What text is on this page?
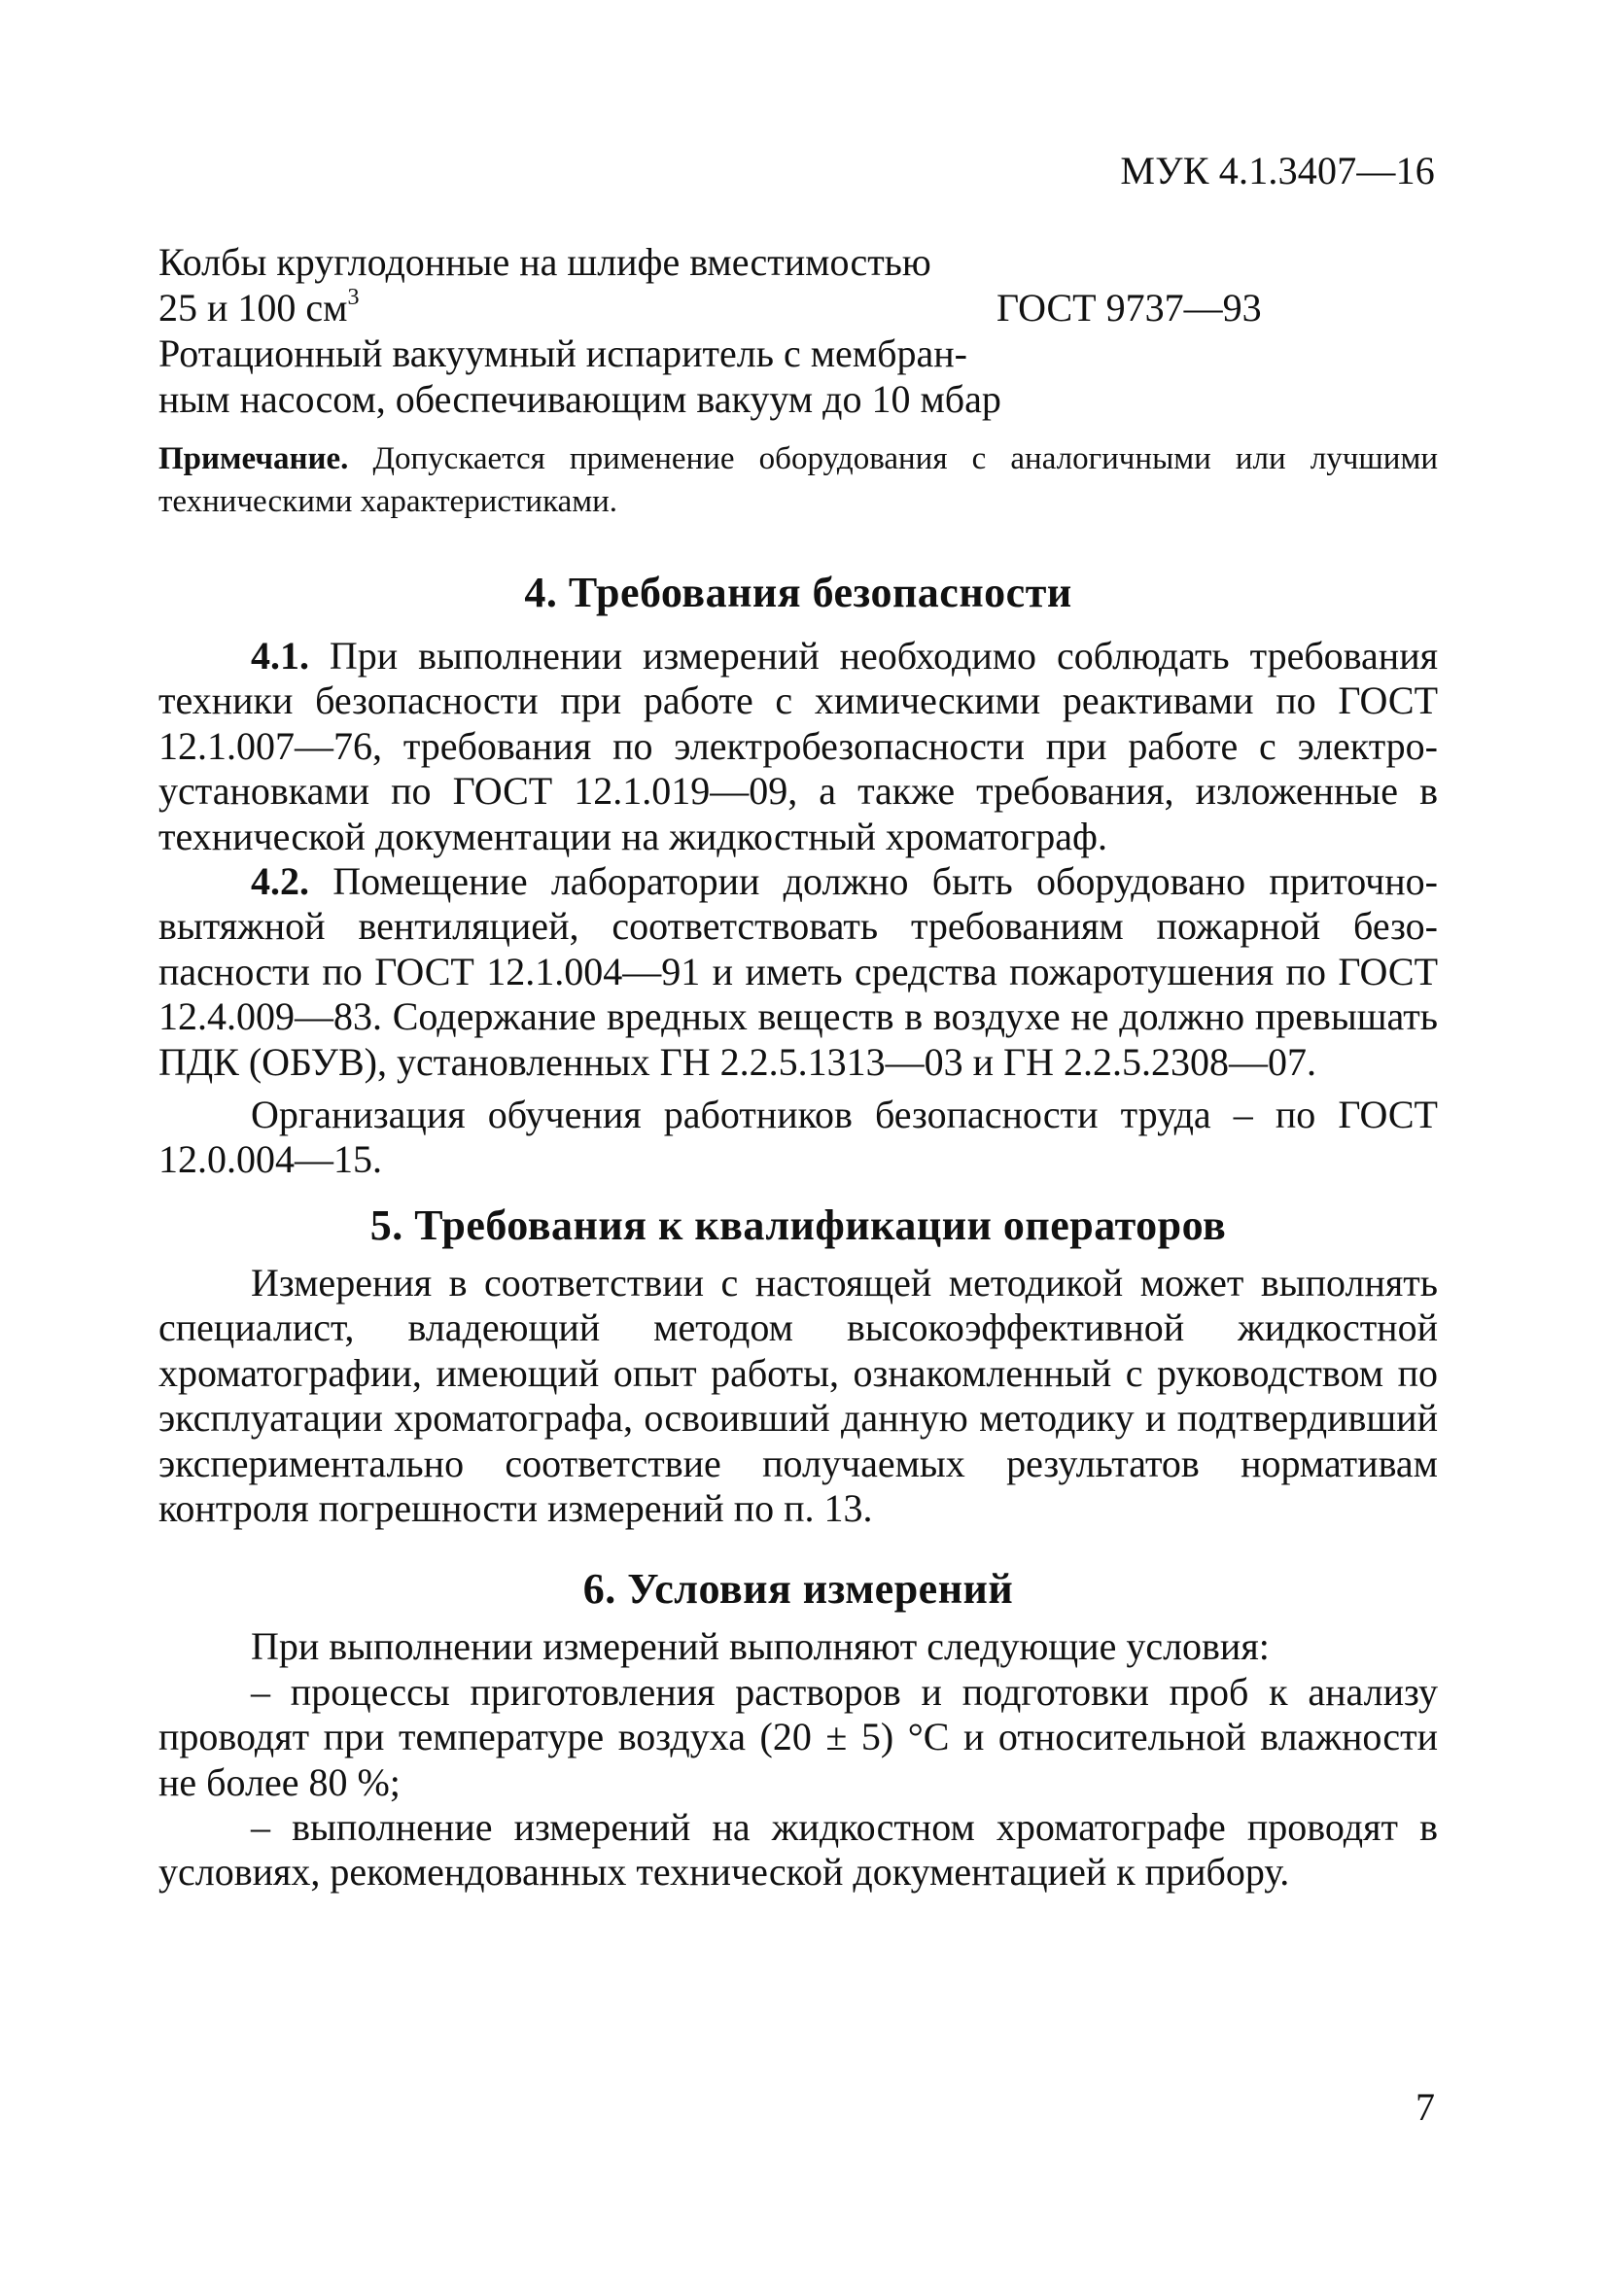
МУК 4.1.3407—16
Колбы круглодонные на шлифе вместимостью
25 и 100 $см^3$	ГОСТ 9737—93
Ротационный вакуумный испаритель с мембран-
ным насосом, обеспечивающим вакуум до 10 мбар
Примечание. Допускается применение оборудования с аналогичными или лучшими техническими характеристиками.
4. Требования безопасности

4.1. При выполнении измерений необходимо соблюдать требования техники безопасности при работе с химическими реактивами по ГОСТ 12.1.007—76, требования по электробезопасности при работе с электроустановками по ГОСТ 12.1.019—09, а также требования, изложенные в технической документации на жидкостный хроматограф.

4.2. Помещение лаборатории должно быть оборудовано приточно-вытяжной вентиляцией, соответствовать требованиям пожарной безопасности по ГОСТ 12.1.004—91 и иметь средства пожаротушения по ГОСТ 12.4.009—83. Содержание вредных веществ в воздухе не должно превышать ПДК (ОБУВ), установленных ГН 2.2.5.1313—03 и ГН 2.2.5.2308—07.

Организация обучения работников безопасности труда – по ГОСТ 12.0.004—15.

5. Требования к квалификации операторов

Измерения в соответствии с настоящей методикой может выполнять специалист, владеющий методом высокоэффективной жидкостной хроматографии, имеющий опыт работы, ознакомленный с руководством по эксплуатации хроматографа, освоивший данную методику и подтвердивший экспериментально соответствие получаемых результатов нормативам контроля погрешности измерений по п. 13.

6. Условия измерений

При выполнении измерений выполняют следующие условия:

– процессы приготовления растворов и подготовки проб к анализу проводят при температуре воздуха (20 ± 5) °С и относительной влажности не более 80 %;

– выполнение измерений на жидкостном хроматографе проводят в условиях, рекомендованных технической документацией к прибору.

7
